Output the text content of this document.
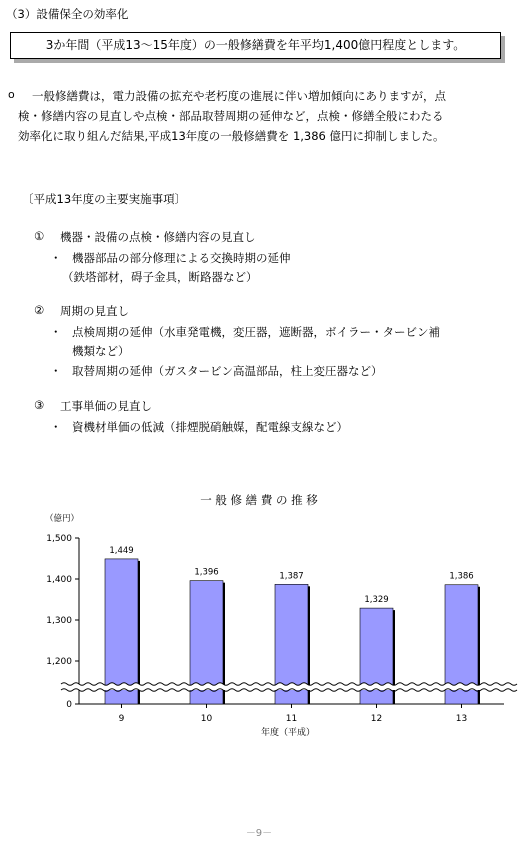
（3）設備保全の効率化
3か年間（平成13～15年度）の一般修繕費を年平均1,400億円程度とします。
o 一般修繕費は，電力設備の拡充や老朽度の進展に伴い増加傾向にありますが，点
検・修繕内容の見直しや点検・部品取替周期の延伸など，点検・修繕全般にわたる
効率化に取り組んだ結果,平成13年度の一般修繕費を 1,386 億円に抑制しました。
〔平成13年度の主要実施事項〕
① 機器・設備の点検・修繕内容の見直し
・ 機器部品の部分修理による交換時期の延伸
（鉄塔部材，碍子金具，断路器など）
② 周期の見直し
・ 点検周期の延伸（水車発電機，変圧器，遮断器，ボイラー・タービン補
機類など）
・ 取替周期の延伸（ガスタービン高温部品，柱上変圧器など）
③ 工事単価の見直し
・ 資機材単価の低減（排煙脱硝触媒，配電線支線など）
一 般 修 繕 費 の 推 移
（億円）
年度（平成）
1,200
1,300
1,400
1,500
0
1,449
9
1,396
10
1,387
11
1,329
12
1,386
13
－9－
